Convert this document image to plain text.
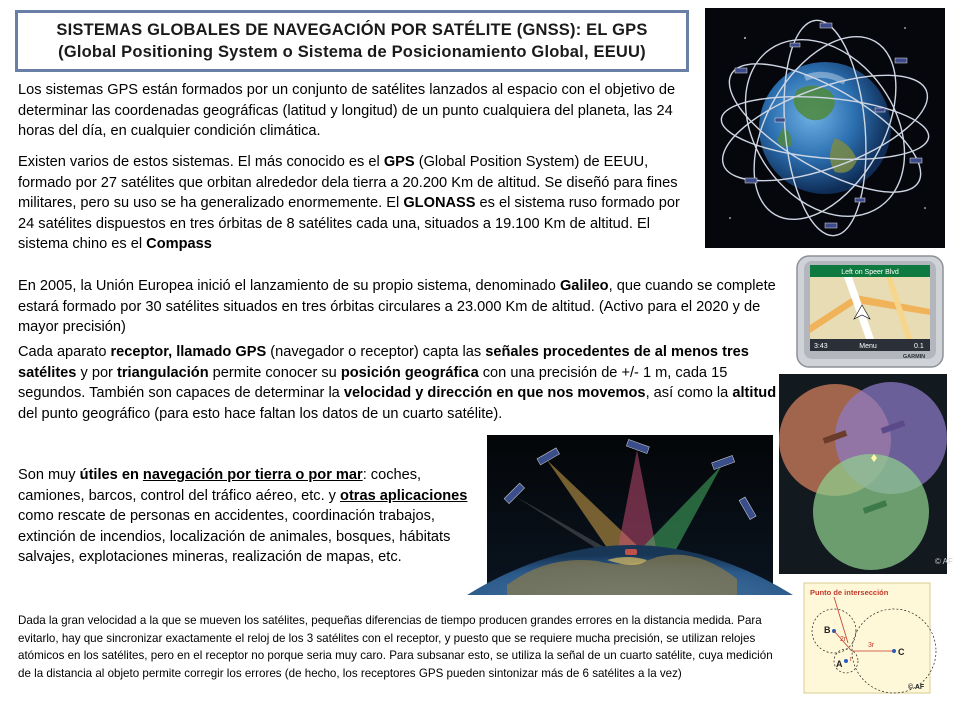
SISTEMAS GLOBALES DE NAVEGACIÓN POR SATÉLITE (GNSS): EL GPS
(Global Positioning System o Sistema de Posicionamiento Global, EEUU)
Los sistemas GPS están formados por un conjunto de satélites lanzados al espacio con el objetivo de determinar las coordenadas geográficas (latitud y longitud) de un punto cualquiera del planeta, las 24 horas del día, en cualquier condición climática.
Existen varios de estos sistemas. El más conocido es el GPS (Global Position System) de EEUU, formado por 27 satélites que orbitan alrededor dela tierra a 20.200 Km de altitud. Se diseñó para fines militares, pero su uso se ha generalizado enormemente. El GLONASS es el sistema ruso formado por 24 satélites dispuestos en tres órbitas de 8 satélites cada una, situados a 19.100 Km de altitud. El sistema chino es el Compass
En 2005, la Unión Europea inició el lanzamiento de su propio sistema, denominado Galileo, que cuando se complete estará formado por 30 satélites situados en tres órbitas circulares a 23.000 Km de altitud. (Activo para el 2020 y de mayor precisión)
Cada aparato receptor, llamado GPS (navegador o receptor) capta las señales procedentes de al menos tres satélites y por triangulación permite conocer su posición geográfica con una precisión de +/- 1 m, cada 15 segundos. También son capaces de determinar la velocidad y dirección en que nos movemos, así como la altitud del punto geográfico (para esto hace faltan los datos de un cuarto satélite).
Son muy útiles en navegación por tierra o por mar: coches, camiones, barcos, control del tráfico aéreo, etc. y otras aplicaciones como rescate de personas en accidentes, coordinación trabajos, extinción de incendios, localización de animales, bosques, hábitats salvajes, explotaciones mineras, realización de mapas, etc.
Dada la gran velocidad a la que se mueven los satélites, pequeñas diferencias de tiempo producen grandes errores en la distancia medida. Para evitarlo, hay que sincronizar exactamente el reloj de los 3 satélites con el receptor, y puesto que se requiere mucha precisión, se utilizan relojes atómicos en los satélites, pero en el receptor no porque seria muy caro. Para subsanar esto, se utiliza la señal de un cuarto satélite, cuya medición de la distancia al objeto permite corregir los errores (de hecho, los receptores GPS pueden sintonizar más de 6 satélites a la vez)
Left on Speer Blvd
3:43	Menu	0.1
GARMIN
© AF
Punto de intersección
B
A
C
2r
3r
r
© AF
